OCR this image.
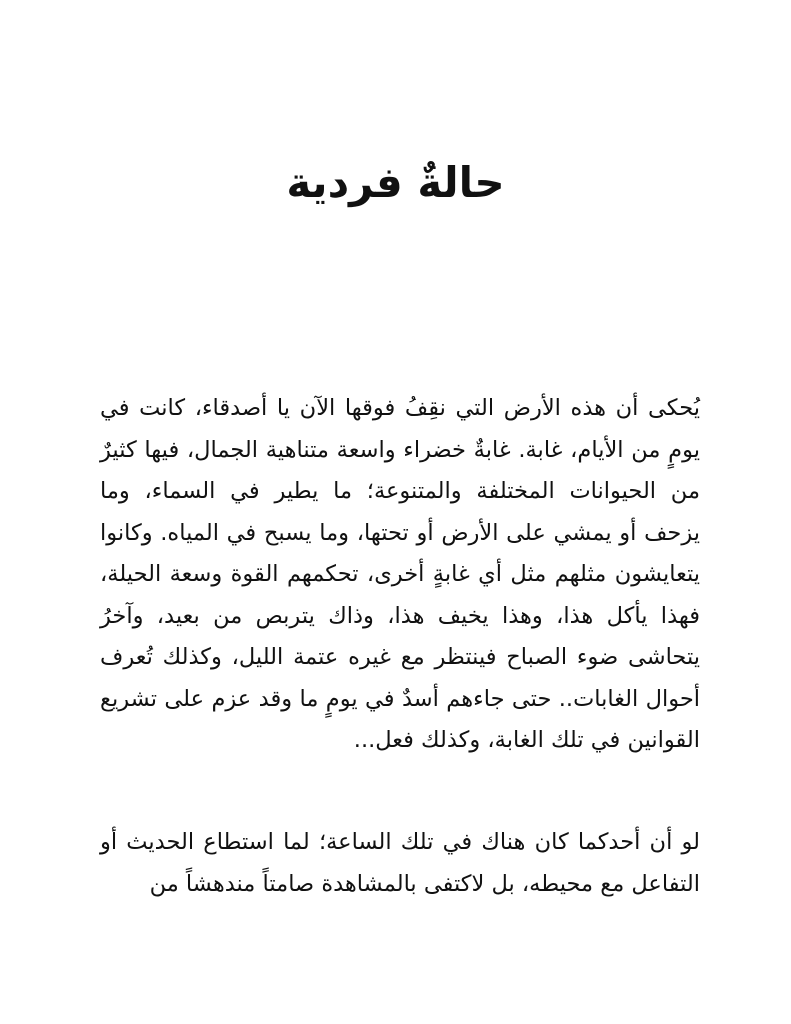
حالةٌ فردية

يُحكى أن هذه الأرض التي نقِفُ فوقها الآن يا أصدقاء، كانت في يومٍ من الأيام، غابة. غابةٌ خضراء واسعة متناهية الجمال، فيها كثيرٌ من الحيوانات المختلفة والمتنوعة؛ ما يطير في السماء، وما يزحف أو يمشي على الأرض أو تحتها، وما يسبح في المياه. وكانوا يتعايشون مثلهم مثل أي غابةٍ أخرى، تحكمهم القوة وسعة الحيلة، فهذا يأكل هذا، وهذا يخيف هذا، وذاك يتربص من بعيد، وآخرُ يتحاشى ضوء الصباح فينتظر مع غيره عتمة الليل، وكذلك تُعرف أحوال الغابات.. حتى جاءهم أسدٌ في يومٍ ما وقد عزم على تشريع القوانين في تلك الغابة، وكذلك فعل...

لو أن أحدكما كان هناك في تلك الساعة؛ لما استطاع الحديث أو التفاعل مع محيطه، بل لاكتفى بالمشاهدة صامتاً مندهشاً من
